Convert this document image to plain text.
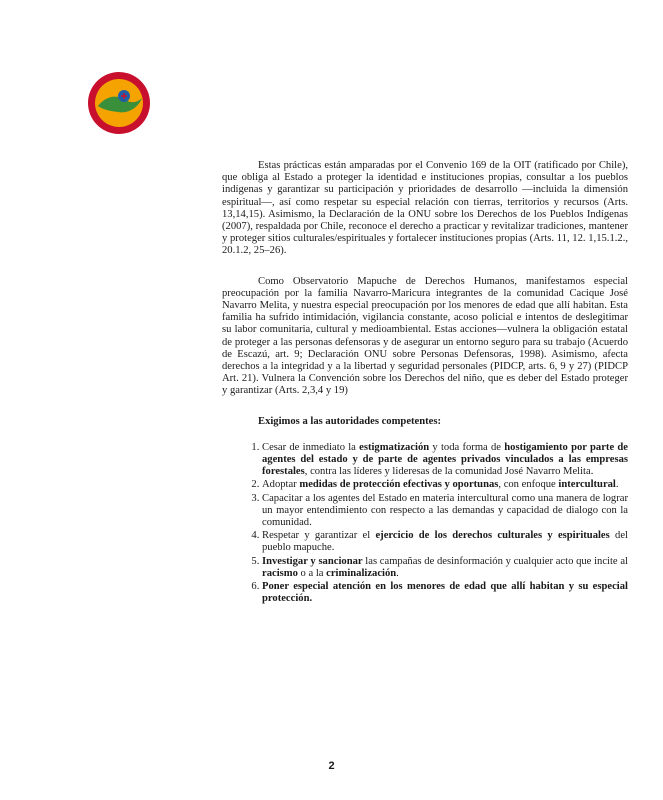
Estas prácticas están amparadas por el Convenio 169 de la OIT (ratificado por Chile), que obliga al Estado a proteger la identidad e instituciones propias, consultar a los pueblos indígenas y garantizar su participación y prioridades de desarrollo —incluida la dimensión espiritual—, así como respetar su especial relación con tierras, territorios y recursos (Arts. 13,14,15). Asimismo, la Declaración de la ONU sobre los Derechos de los Pueblos Indígenas (2007), respaldada por Chile, reconoce el derecho a practicar y revitalizar tradiciones, mantener y proteger sitios culturales/espirituales y fortalecer instituciones propias (Arts. 11, 12. 1,15.1.2., 20.1.2, 25–26).

Como Observatorio Mapuche de Derechos Humanos, manifestamos especial preocupación por la familia Navarro-Maricura integrantes de la comunidad Cacique José Navarro Melita, y nuestra especial preocupación por los menores de edad que allí habitan. Esta familia ha sufrido intimidación, vigilancia constante, acoso policial e intentos de deslegitimar su labor comunitaria, cultural y medioambiental. Estas acciones—vulnera la obligación estatal de proteger a las personas defensoras y de asegurar un entorno seguro para su trabajo (Acuerdo de Escazú, art. 9; Declaración ONU sobre Personas Defensoras, 1998). Asimismo, afecta derechos a la integridad y a la libertad y seguridad personales (PIDCP, arts. 6, 9 y 27) (PIDCP Art. 21). Vulnera la Convención sobre los Derechos del niño, que es deber del Estado proteger y garantizar (Arts. 2,3,4 y 19)

Exigimos a las autoridades competentes:

1. Cesar de inmediato la estigmatización y toda forma de hostigamiento por parte de agentes del estado y de parte de agentes privados vinculados a las empresas forestales, contra las líderes y lideresas de la comunidad José Navarro Melita.
2. Adoptar medidas de protección efectivas y oportunas, con enfoque intercultural.
3. Capacitar a los agentes del Estado en materia intercultural como una manera de lograr un mayor entendimiento con respecto a las demandas y capacidad de dialogo con la comunidad.
4. Respetar y garantizar el ejercicio de los derechos culturales y espirituales del pueblo mapuche.
5. Investigar y sancionar las campañas de desinformación y cualquier acto que incite al racismo o a la criminalización.
6. Poner especial atención en los menores de edad que allí habitan y su especial protección.
2
